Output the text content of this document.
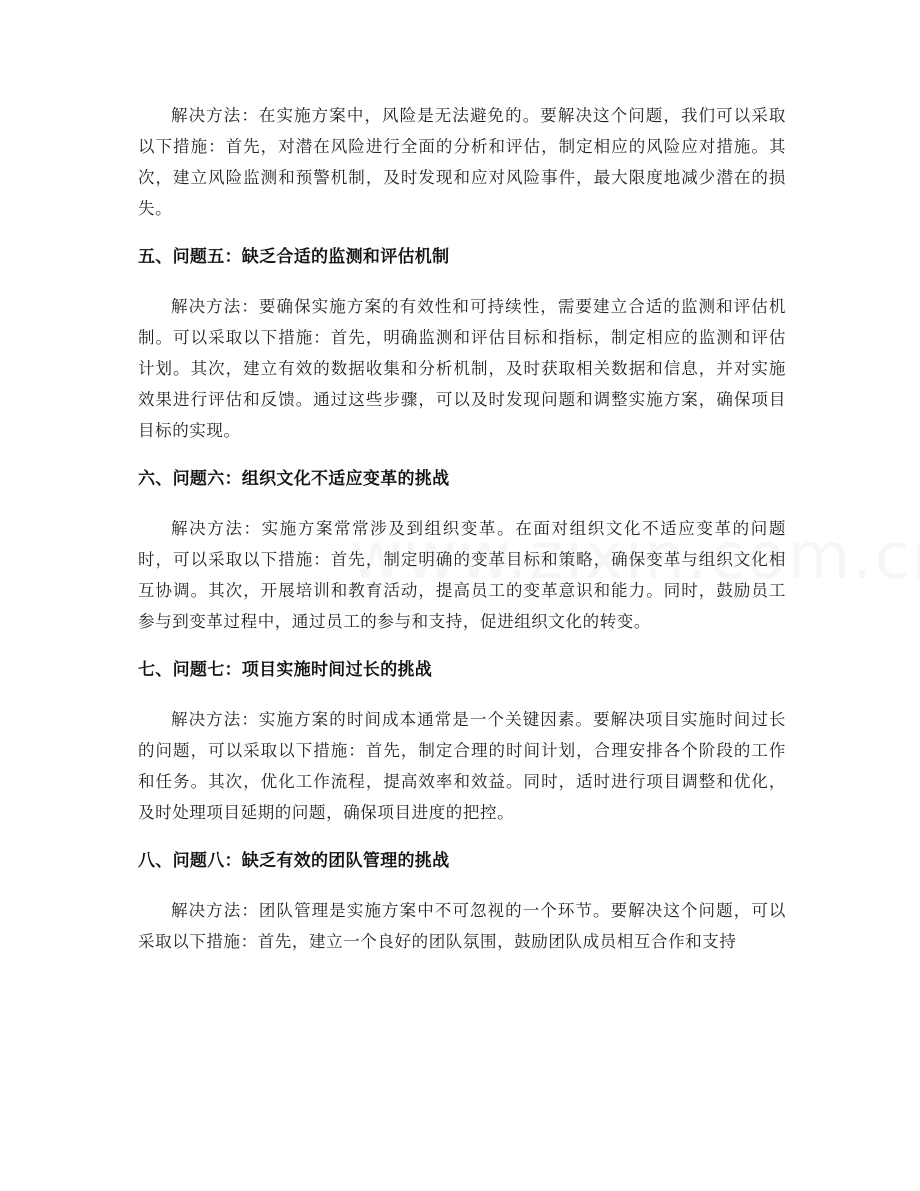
解决方法：在实施方案中，风险是无法避免的。要解决这个问题，我们可以采取以下措施：首先，对潜在风险进行全面的分析和评估，制定相应的风险应对措施。其次，建立风险监测和预警机制，及时发现和应对风险事件，最大限度地减少潜在的损失。

五、问题五：缺乏合适的监测和评估机制

解决方法：要确保实施方案的有效性和可持续性，需要建立合适的监测和评估机制。可以采取以下措施：首先，明确监测和评估目标和指标，制定相应的监测和评估计划。其次，建立有效的数据收集和分析机制，及时获取相关数据和信息，并对实施效果进行评估和反馈。通过这些步骤，可以及时发现问题和调整实施方案，确保项目目标的实现。

六、问题六：组织文化不适应变革的挑战

解决方法：实施方案常常涉及到组织变革。在面对组织文化不适应变革的问题时，可以采取以下措施：首先，制定明确的变革目标和策略，确保变革与组织文化相互协调。其次，开展培训和教育活动，提高员工的变革意识和能力。同时，鼓励员工参与到变革过程中，通过员工的参与和支持，促进组织文化的转变。

七、问题七：项目实施时间过长的挑战

解决方法：实施方案的时间成本通常是一个关键因素。要解决项目实施时间过长的问题，可以采取以下措施：首先，制定合理的时间计划，合理安排各个阶段的工作和任务。其次，优化工作流程，提高效率和效益。同时，适时进行项目调整和优化，及时处理项目延期的问题，确保项目进度的把控。

八、问题八：缺乏有效的团队管理的挑战

解决方法：团队管理是实施方案中不可忽视的一个环节。要解决这个问题，可以采取以下措施：首先，建立一个良好的团队氛围，鼓励团队成员相互合作和支持
